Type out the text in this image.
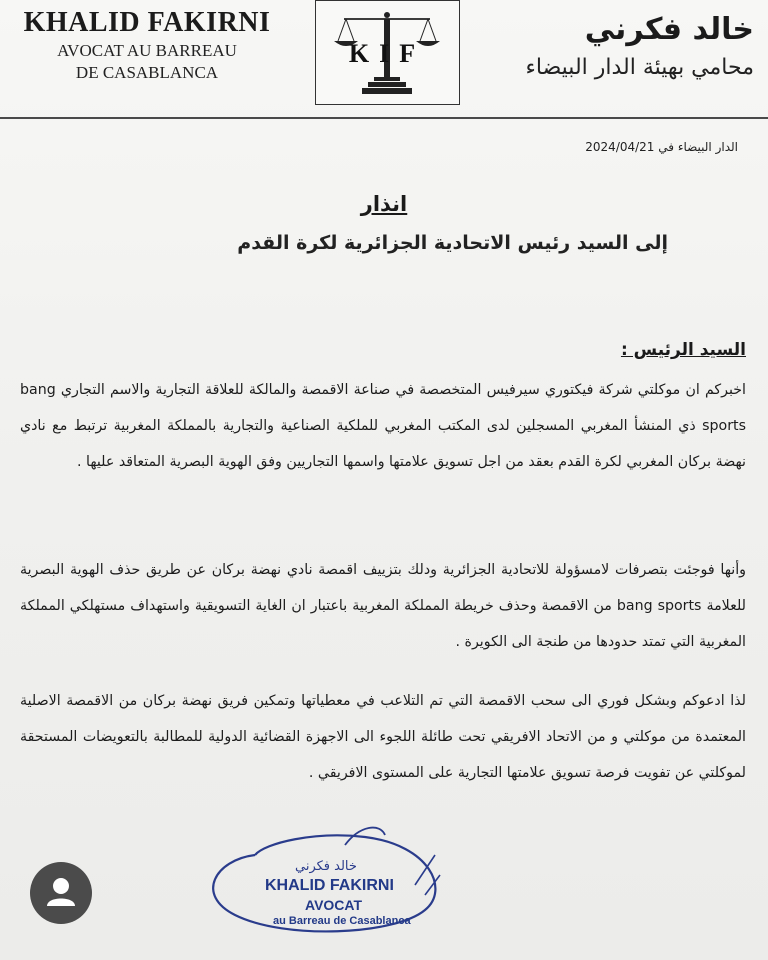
KHALID FAKIRNI
AVOCAT AU BARREAU
DE CASABLANCA
KIF
خالد فكرني
محامي بهيئة الدار البيضاء
الدار البيضاء في 2024/04/21
انذار
إلى السيد رئيس الاتحادية الجزائرية لكرة القدم
السيد الرئيس :
اخبركم ان موكلتي شركة فيكتوري سيرفيس المتخصصة في صناعة الاقمصة والمالكة للعلاقة التجارية والاسم التجاري bang sports ذي المنشأ المغربي المسجلين لدى المكتب المغربي للملكية الصناعية والتجارية بالمملكة المغربية ترتبط مع نادي نهضة بركان المغربي لكرة القدم بعقد من اجل تسويق علامتها واسمها التجاريين وفق الهوية البصرية المتعاقد عليها .
وأنها فوجئت بتصرفات لامسؤولة للاتحادية الجزائرية ودلك بتزييف اقمصة نادي نهضة بركان عن طريق حذف الهوية البصرية للعلامة bang sports من الاقمصة وحذف خريطة المملكة المغربية باعتبار ان الغاية التسويقية واستهداف مستهلكي المملكة المغربية التي تمتد حدودها من طنجة الى الكويرة .
لذا ادعوكم وبشكل فوري الى سحب الاقمصة التي تم التلاعب في معطياتها وتمكين فريق نهضة بركان من الاقمصة الاصلية المعتمدة من موكلتي و من الاتحاد الافريقي تحت طائلة اللجوء الى الاجهزة القضائية الدولية للمطالبة بالتعويضات المستحقة لموكلتي عن تفويت فرصة تسويق علامتها التجارية على المستوى الافريقي .
خالد فكرني
KHALID FAKIRNI
AVOCAT
au Barreau de Casablanca
